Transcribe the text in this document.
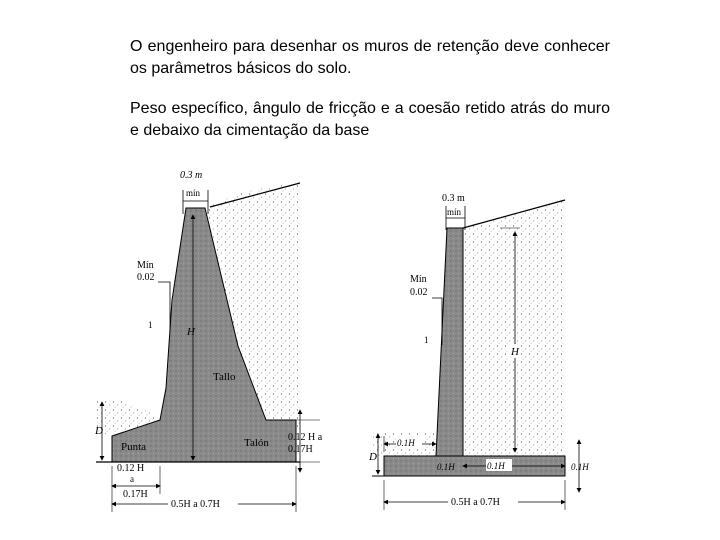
O engenheiro para desenhar os muros de retenção deve conhecer os parâmetros básicos do solo.

Peso específico, ângulo de fricção e a coesão retido atrás do muro e debaixo da cimentação da base

0.3 m
mín
Mín
0.02
1
H
Tallo
Talón
Punta
D
0.12 H a
0.17H
0.12 H
a
0.17H
0.5H a 0.7H
0.3 m
mín
Mín
0.02
1
H
0.1H
0.1H	0.1H	0.1H
D
0.5H a 0.7H
